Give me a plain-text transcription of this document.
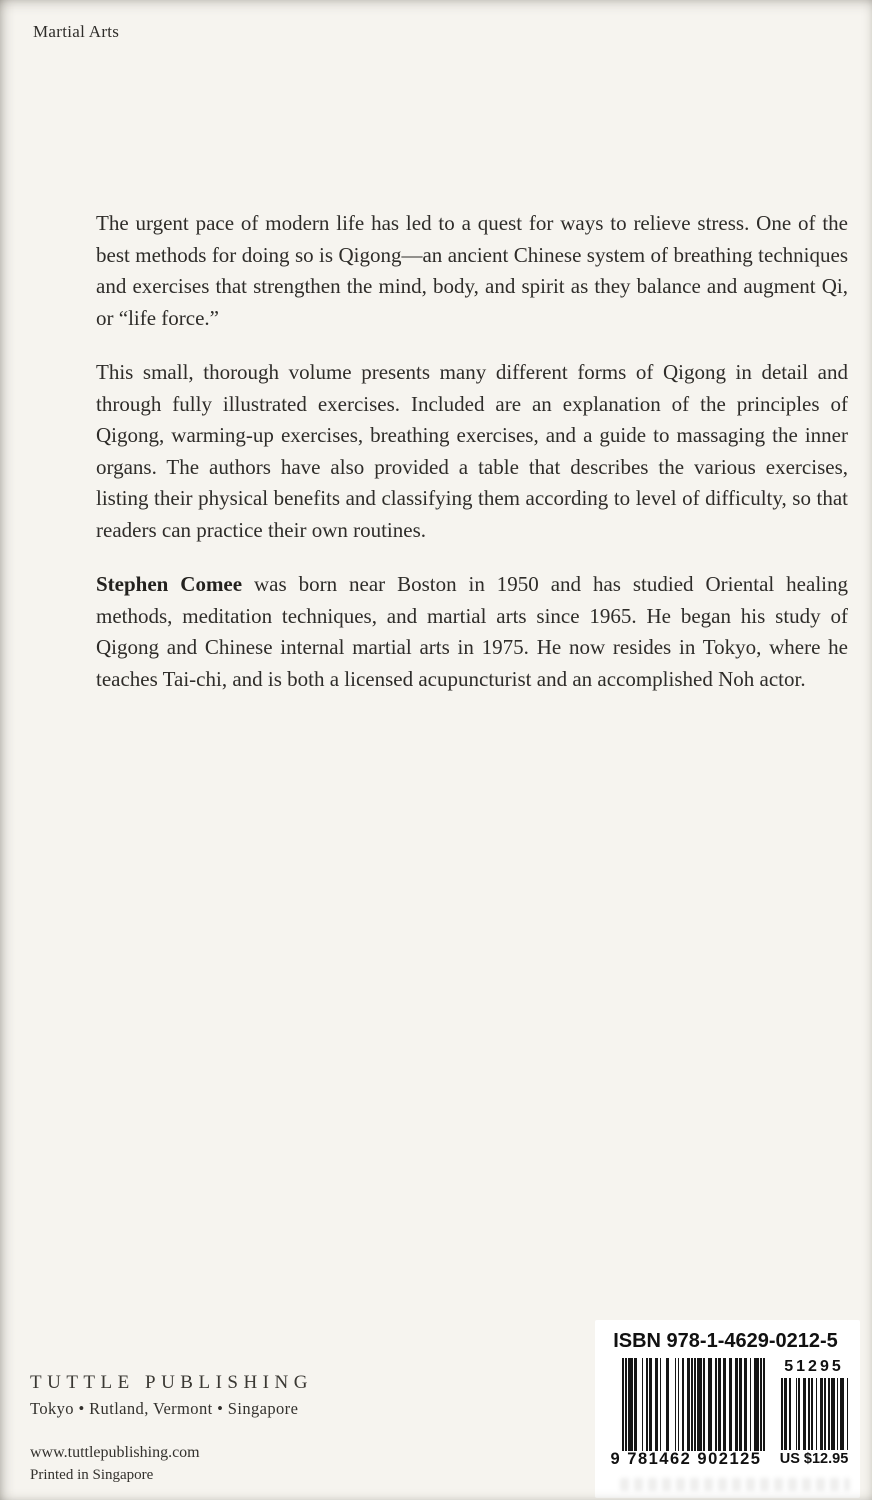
Martial Arts

The urgent pace of modern life has led to a quest for ways to relieve stress. One of the best methods for doing so is Qigong—an ancient Chinese system of breathing techniques and exercises that strengthen the mind, body, and spirit as they balance and augment Qi, or “life force.”

This small, thorough volume presents many different forms of Qigong in detail and through fully illustrated exercises. Included are an explanation of the principles of Qigong, warming-up exercises, breathing exercises, and a guide to massaging the inner organs. The authors have also provided a table that describes the various exercises, listing their physical benefits and classifying them according to level of difficulty, so that readers can practice their own routines.

Stephen Comee was born near Boston in 1950 and has studied Oriental healing methods, meditation techniques, and martial arts since 1965. He began his study of Qigong and Chinese internal martial arts in 1975. He now resides in Tokyo, where he teaches Tai-chi, and is both a licensed acupuncturist and an accomplished Noh actor.

TUTTLE PUBLISHING
Tokyo • Rutland, Vermont • Singapore
www.tuttlepublishing.com
Printed in Singapore
ISBN 978-1-4629-0212-5
9 781462 902125
51295
US $12.95
